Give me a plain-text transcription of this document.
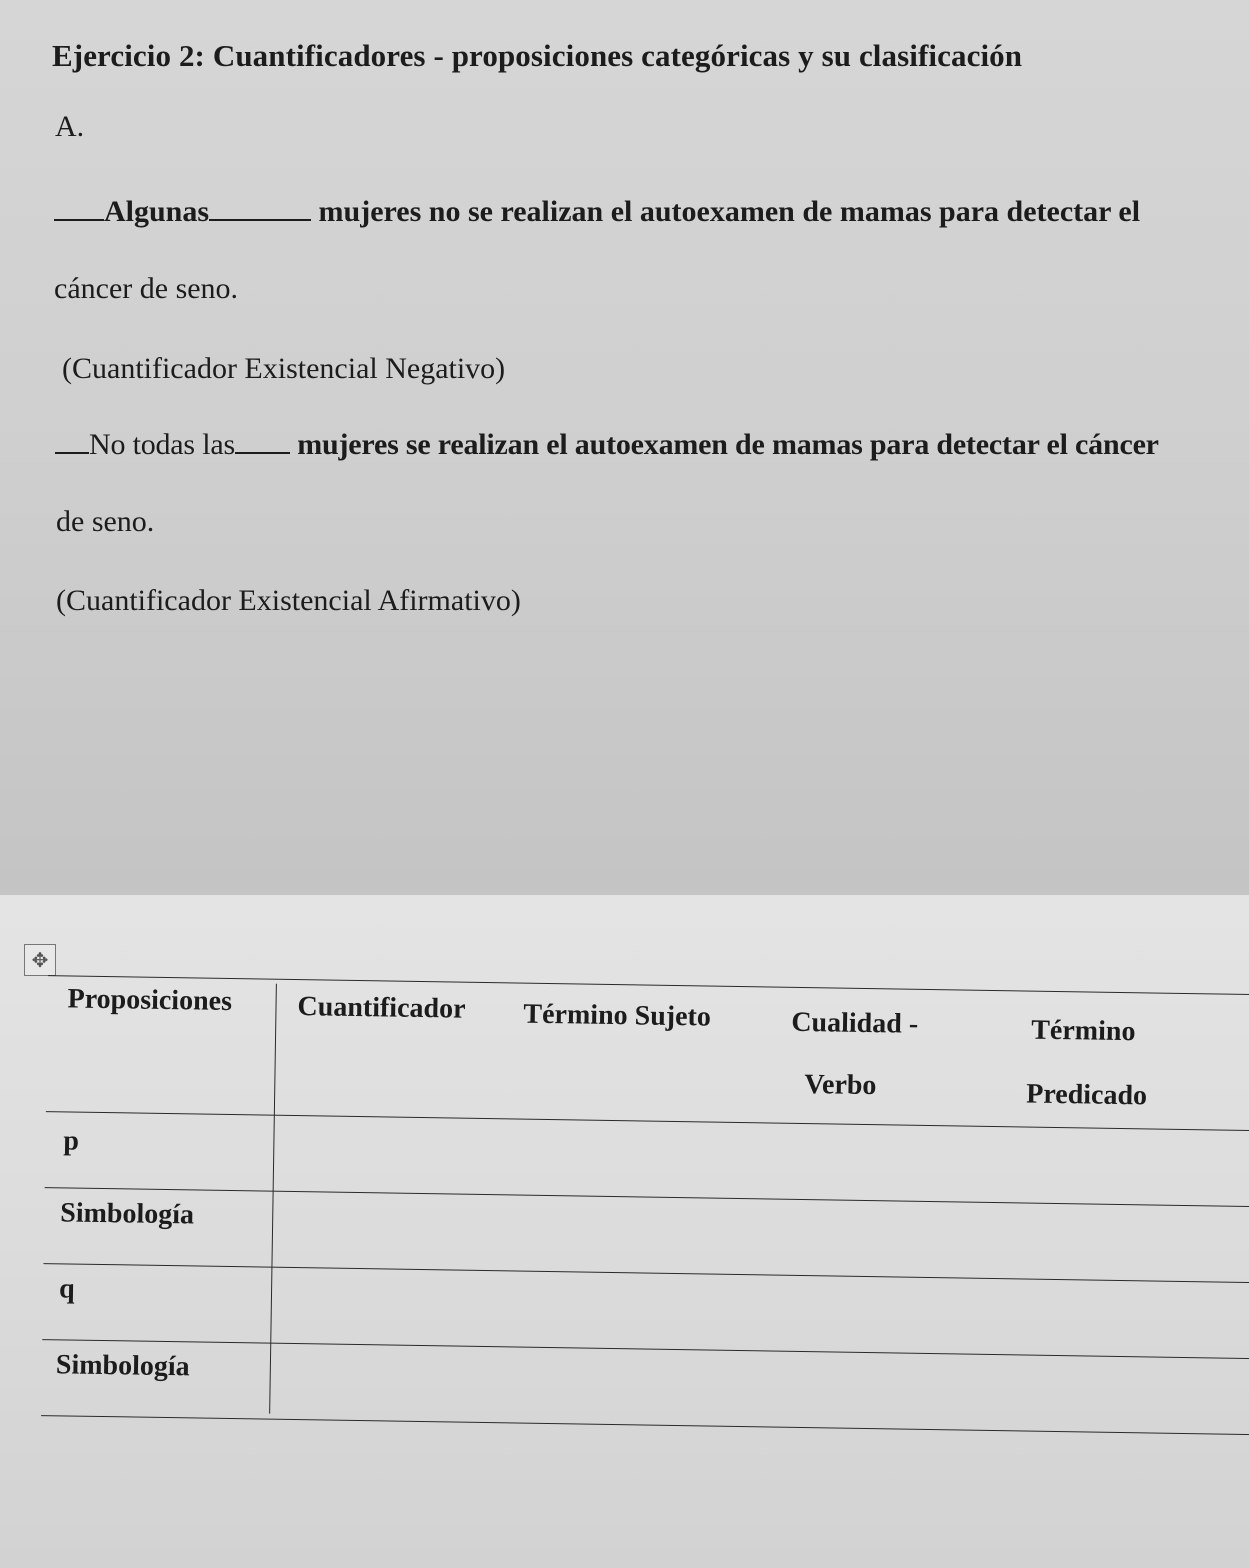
Ejercicio 2: Cuantificadores - proposiciones categóricas y su clasificación
A.
Algunas	mujeres no se realizan el autoexamen de mamas para detectar el
cáncer de seno.
(Cuantificador Existencial Negativo)
No todas las mujeres se realizan el autoexamen de mamas para detectar el cáncer
de seno.
(Cuantificador Existencial Afirmativo)
✥
Proposiciones Cuantificador Término Sujeto	Cualidad -
Verbo
Término
Predicado
p
Simbología
q
Simbología
